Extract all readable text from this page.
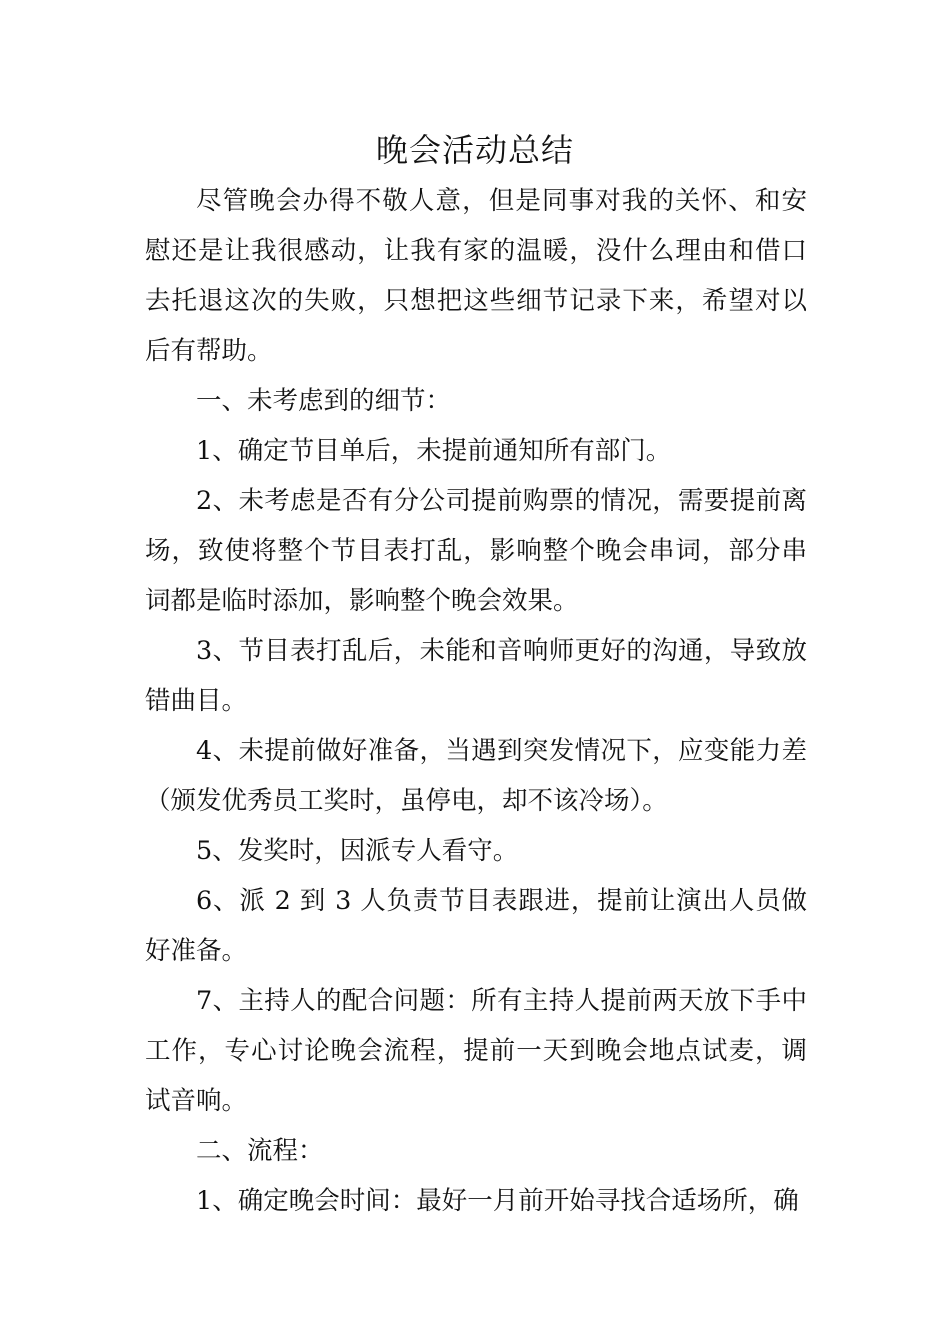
晚会活动总结

尽管晚会办得不敬人意，但是同事对我的关怀、和安慰还是让我很感动，让我有家的温暖，没什么理由和借口去托退这次的失败，只想把这些细节记录下来，希望对以后有帮助。

一、未考虑到的细节：

1、确定节目单后，未提前通知所有部门。

2、未考虑是否有分公司提前购票的情况，需要提前离场，致使将整个节目表打乱，影响整个晚会串词，部分串词都是临时添加，影响整个晚会效果。

3、节目表打乱后，未能和音响师更好的沟通，导致放错曲目。

4、未提前做好准备，当遇到突发情况下，应变能力差（颁发优秀员工奖时，虽停电，却不该冷场）。

5、发奖时，因派专人看守。

6、派 2 到 3 人负责节目表跟进，提前让演出人员做好准备。

7、主持人的配合问题：所有主持人提前两天放下手中工作，专心讨论晚会流程，提前一天到晚会地点试麦，调试音响。

二、流程：

1、确定晚会时间：最好一月前开始寻找合适场所，确
